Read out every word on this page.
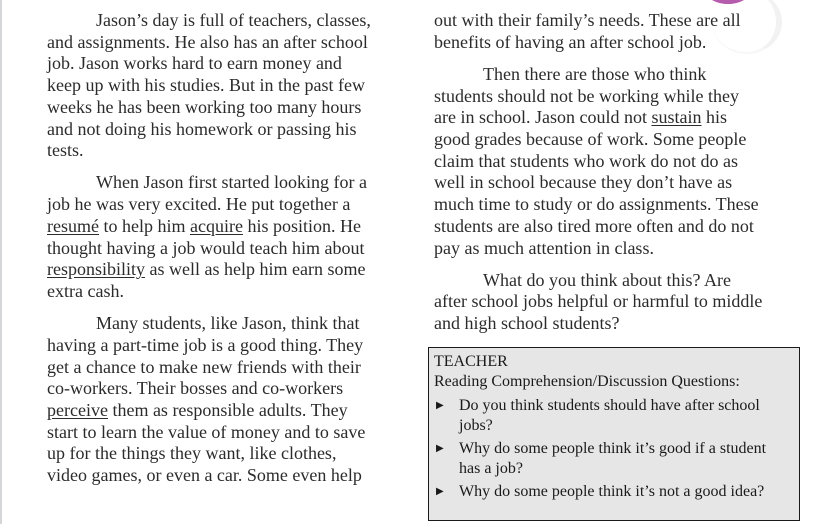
Jason’s day is full of teachers, classes,
and assignments. He also has an after school
job. Jason works hard to earn money and
keep up with his studies. But in the past few
weeks he has been working too many hours
and not doing his homework or passing his
tests.

When Jason first started looking for a
job he was very excited. He put together a
resumé to help him acquire his position. He
thought having a job would teach him about
responsibility as well as help him earn some
extra cash.

Many students, like Jason, think that
having a part-time job is a good thing. They
get a chance to make new friends with their
co-workers. Their bosses and co-workers
perceive them as responsible adults. They
start to learn the value of money and to save
up for the things they want, like clothes,
video games, or even a car. Some even help

out with their family’s needs. These are all
benefits of having an after school job.

Then there are those who think
students should not be working while they
are in school. Jason could not sustain his
good grades because of work. Some people
claim that students who work do not do as
well in school because they don’t have as
much time to study or do assignments. These
students are also tired more often and do not
pay as much attention in class.

What do you think about this? Are
after school jobs helpful or harmful to middle
and high school students?

TEACHER
Reading Comprehension/Discussion Questions:
▶ Do you think students should have after school
jobs?
▶ Why do some people think it’s good if a student
has a job?
▶ Why do some people think it’s not a good idea?
